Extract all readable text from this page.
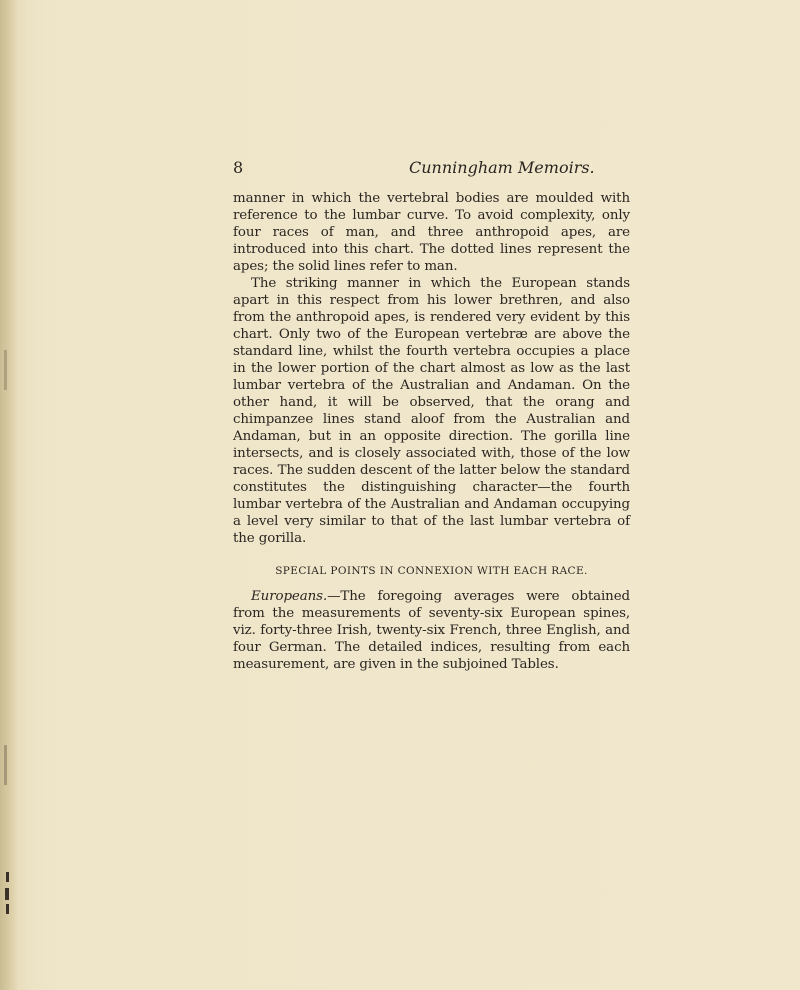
8	Cunningham Memoirs.

manner in which the vertebral bodies are moulded with reference to the lumbar curve. To avoid complexity, only four races of man, and three anthropoid apes, are introduced into this chart. The dotted lines represent the apes; the solid lines refer to man.

The striking manner in which the European stands apart in this respect from his lower brethren, and also from the anthropoid apes, is rendered very evident by this chart. Only two of the European vertebræ are above the standard line, whilst the fourth vertebra occupies a place in the lower portion of the chart almost as low as the last lumbar vertebra of the Australian and Andaman. On the other hand, it will be observed, that the orang and chimpanzee lines stand aloof from the Australian and Andaman, but in an opposite direction. The gorilla line intersects, and is closely associated with, those of the low races. The sudden descent of the latter below the standard constitutes the distinguishing character—the fourth lumbar vertebra of the Australian and Andaman occupying a level very similar to that of the last lumbar vertebra of the gorilla.

SPECIAL POINTS IN CONNEXION WITH EACH RACE.

Europeans.—The foregoing averages were obtained from the measurements of seventy-six European spines, viz. forty-three Irish, twenty-six French, three English, and four German. The detailed indices, resulting from each measurement, are given in the subjoined Tables.
